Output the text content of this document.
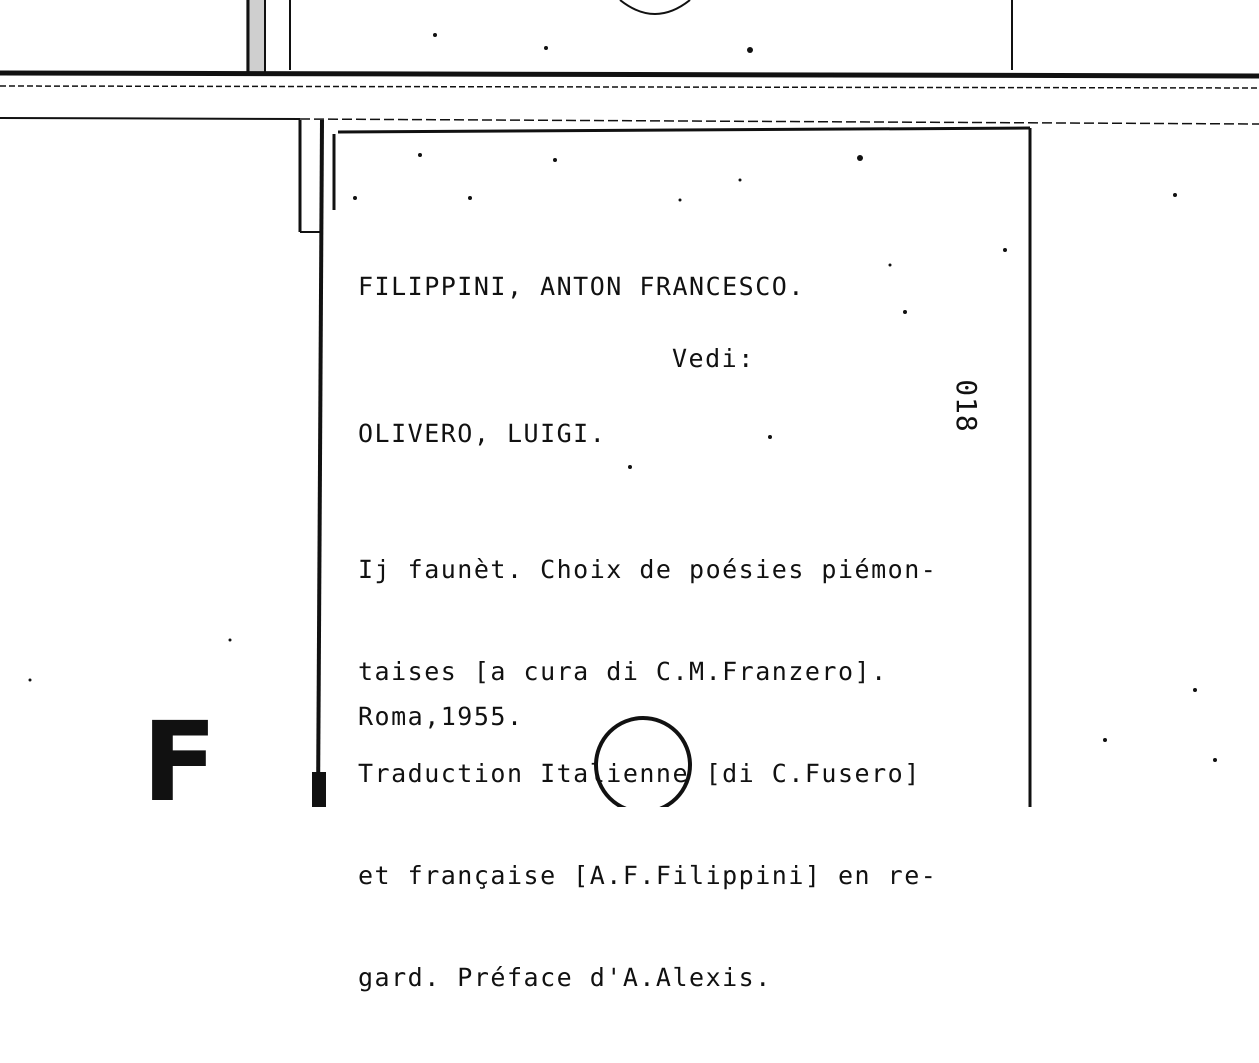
FILIPPINI, ANTON FRANCESCO.
Vedi:
OLIVERO, LUIGI.

Ij faunèt. Choix de poésies piémon-

taises [a cura di C.M.Franzero].

Traduction Italienne [di C.Fusero]

et française [A.F.Filippini] en re-

gard. Préface d'A.Alexis.

Roma,1955.
018
F
